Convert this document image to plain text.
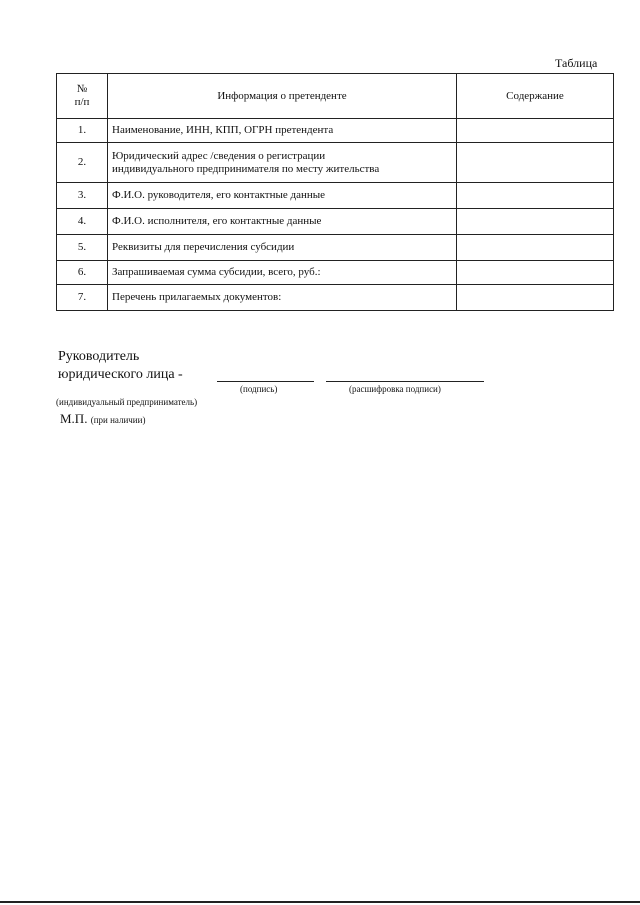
Таблица
№
п/п	Информация о претенденте	Содержание
1.	Наименование, ИНН, КПП, ОГРН претендента	
2.	Юридический адрес /сведения о регистрации
индивидуального предпринимателя по месту жительства	

3.	Ф.И.О. руководителя, его контактные данные	
4.	Ф.И.О. исполнителя, его контактные данные	
5.	Реквизиты для перечисления субсидии	
6.	Запрашиваемая сумма субсидии, всего, руб.:	
7.	Перечень прилагаемых документов:	
Руководитель
юридического лица -
(подпись)	(расшифровка подписи)
(индивидуальный предприниматель)
М.П. (при наличии)
